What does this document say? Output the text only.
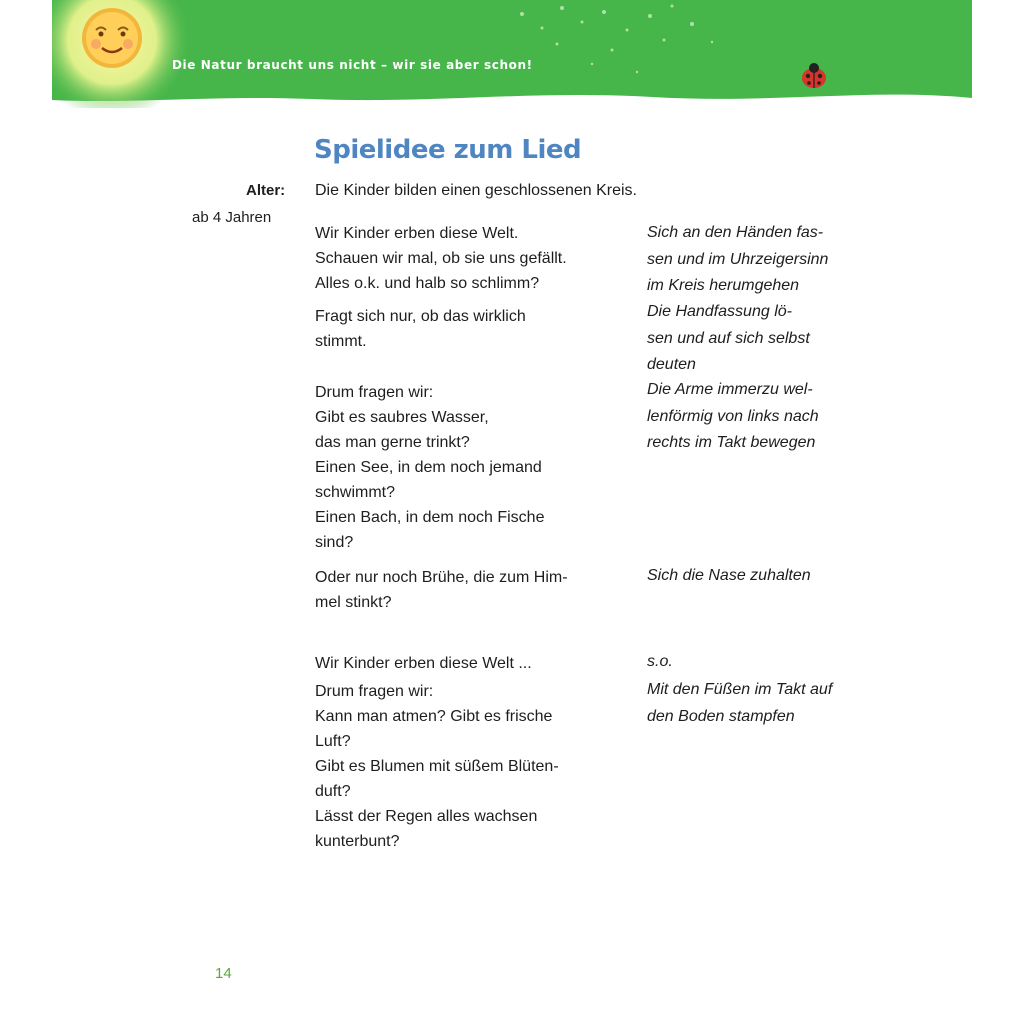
Die Natur braucht uns nicht – wir sie aber schon!
Spielidee zum Lied
Alter:
ab 4 Jahren
Die Kinder bilden einen geschlossenen Kreis.
Wir Kinder erben diese Welt.
Schauen wir mal, ob sie uns gefällt.
Alles o.k. und halb so schlimm?
Sich an den Händen fas-
sen und im Uhrzeigersinn
im Kreis herumgehen
Fragt sich nur, ob das wirklich
stimmt.
Die Handfassung lö-
sen und auf sich selbst
deuten
Drum fragen wir:
Gibt es saubres Wasser,
das man gerne trinkt?
Einen See, in dem noch jemand
schwimmt?
Einen Bach, in dem noch Fische
sind?
Die Arme immerzu wel-
lenförmig von links nach
rechts im Takt bewegen
Oder nur noch Brühe, die zum Him-
mel stinkt?
Sich die Nase zuhalten
Wir Kinder erben diese Welt ...	s.o.
Drum fragen wir:
Kann man atmen? Gibt es frische
Luft?
Gibt es Blumen mit süßem Blüten-
duft?
Lässt der Regen alles wachsen
kunterbunt?
Mit den Füßen im Takt auf
den Boden stampfen
14
